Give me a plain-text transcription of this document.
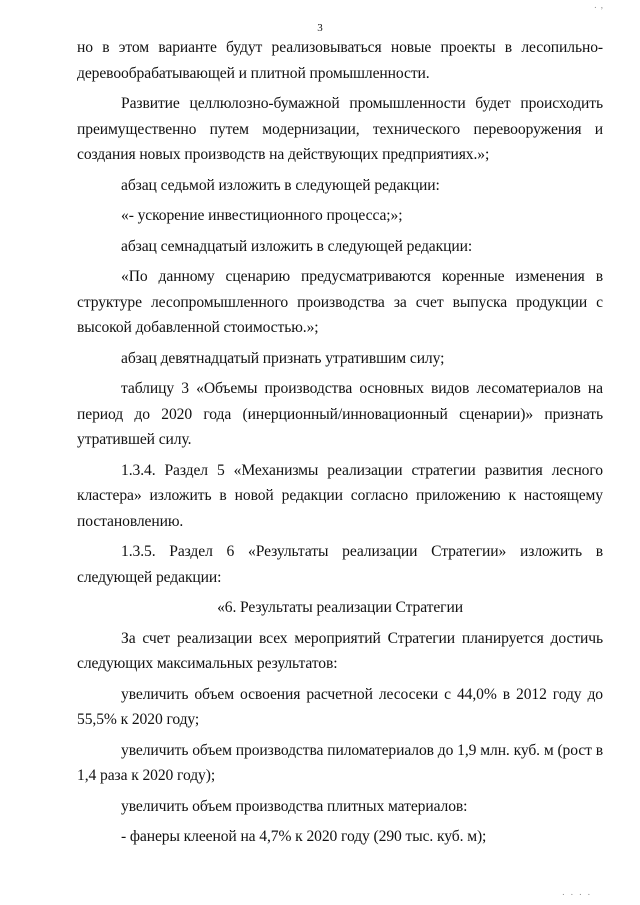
. ,
3

но в этом варианте будут реализовываться новые проекты в лесопильно-деревообрабатывающей и плитной промышленности.

Развитие целлюлозно-бумажной промышленности будет происходить преимущественно путем модернизации, технического перевооружения и создания новых производств на действующих предприятиях.»;

абзац седьмой изложить в следующей редакции:

«- ускорение инвестиционного процесса;»;

абзац семнадцатый изложить в следующей редакции:

«По данному сценарию предусматриваются коренные изменения в структуре лесопромышленного производства за счет выпуска продукции с высокой добавленной стоимостью.»;

абзац девятнадцатый признать утратившим силу;

таблицу 3 «Объемы производства основных видов лесоматериалов на период до 2020 года (инерционный/инновационный сценарии)» признать утратившей силу.

1.3.4. Раздел 5 «Механизмы реализации стратегии развития лесного кластера» изложить в новой редакции согласно приложению к настоящему постановлению.

1.3.5. Раздел 6 «Результаты реализации Стратегии» изложить в следующей редакции:

«6. Результаты реализации Стратегии

За счет реализации всех мероприятий Стратегии планируется достичь следующих максимальных результатов:

увеличить объем освоения расчетной лесосеки с 44,0% в 2012 году до 55,5% к 2020 году;

увеличить объем производства пиломатериалов до 1,9 млн. куб. м (рост в 1,4 раза к 2020 году);

увеличить объем производства плитных материалов:

- фанеры клееной на 4,7% к 2020 году (290 тыс. куб. м);

. . . .
